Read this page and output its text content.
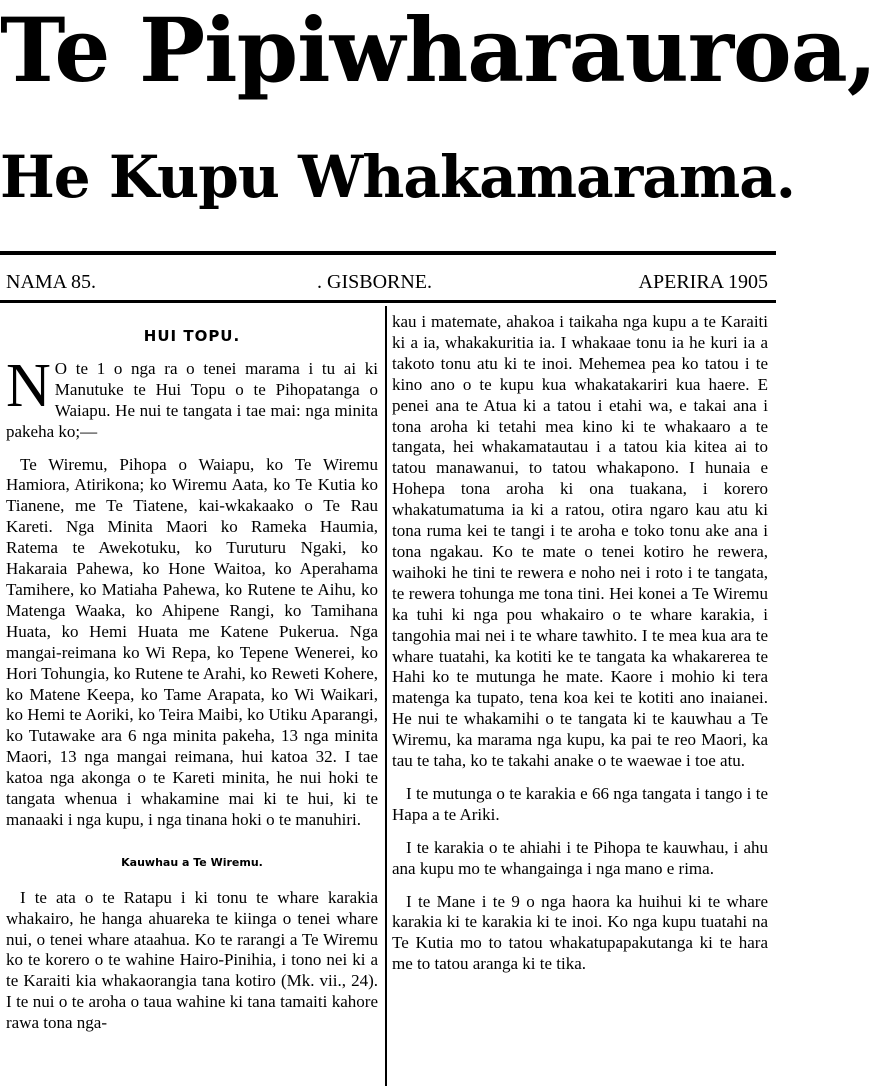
Te Pipiwharauroa,
He Kupu Whakamarama.
NAMA 85.	. GISBORNE.	APERIRA 1905

HUI TOPU.

N O te 1 o nga ra o tenei marama i tu ai ki Manutuke te Hui Topu o te Pihopatanga o Waiapu. He nui te tangata i tae mai: nga minita pakeha ko;—

Te Wiremu, Pihopa o Waiapu, ko Te Wiremu Hamiora, Atirikona; ko Wiremu Aata, ko Te Kutia ko Tianene, me Te Tiatene, kai-wkakaako o Te Rau Kareti. Nga Minita Maori ko Rameka Haumia, Ratema te Awekotuku, ko Turuturu Ngaki, ko Hakaraia Pahewa, ko Hone Waitoa, ko Aperahama Tamihere, ko Matiaha Pahewa, ko Rutene te Aihu, ko Matenga Waaka, ko Ahipene Rangi, ko Tamihana Huata, ko Hemi Huata me Katene Pukerua. Nga mangai-reimana ko Wi Repa, ko Tepene Wenerei, ko Hori Tohungia, ko Rutene te Arahi, ko Reweti Kohere, ko Matene Keepa, ko Tame Arapata, ko Wi Waikari, ko Hemi te Aoriki, ko Teira Maibi, ko Utiku Aparangi, ko Tutawake ara 6 nga minita pakeha, 13 nga minita Maori, 13 nga mangai reimana, hui katoa 32. I tae katoa nga akonga o te Kareti minita, he nui hoki te tangata whenua i whakamine mai ki te hui, ki te manaaki i nga kupu, i nga tinana hoki o te manuhiri.

Kauwhau a Te Wiremu.

I te ata o te Ratapu i ki tonu te whare karakia whakairo, he hanga ahuareka te kiinga o tenei whare nui, o tenei whare ataahua. Ko te rarangi a Te Wiremu ko te korero o te wahine Hairo-Pinihia, i tono nei ki a te Karaiti kia whakaorangia tana kotiro (Mk. vii., 24). I te nui o te aroha o taua wahine ki tana tamaiti kahore rawa tona nga-

kau i matemate, ahakoa i taikaha nga kupu a te Karaiti ki a ia, whakakuritia ia. I whakaae tonu ia he kuri ia a takoto tonu atu ki te inoi. Mehemea pea ko tatou i te kino ano o te kupu kua whakatakariri kua haere. E penei ana te Atua ki a tatou i etahi wa, e takai ana i tona aroha ki tetahi mea kino ki te whakaaro a te tangata, hei whakamatautau i a tatou kia kitea ai to tatou manawanui, to tatou whakapono. I hunaia e Hohepa tona aroha ki ona tuakana, i korero whakatumatuma ia ki a ratou, otira ngaro kau atu ki tona ruma kei te tangi i te aroha e toko tonu ake ana i tona ngakau. Ko te mate o tenei kotiro he rewera, waihoki he tini te rewera e noho nei i roto i te tangata, te rewera tohunga me tona tini. Hei konei a Te Wiremu ka tuhi ki nga pou whakairo o te whare karakia, i tangohia mai nei i te whare tawhito. I te mea kua ara te whare tuatahi, ka kotiti ke te tangata ka whakarerea te Hahi ko te mutunga he mate. Kaore i mohio ki tera matenga ka tupato, tena koa kei te kotiti ano inaianei. He nui te whakamihi o te tangata ki te kauwhau a Te Wiremu, ka marama nga kupu, ka pai te reo Maori, ka tau te taha, ko te takahi anake o te waewae i toe atu.

I te mutunga o te karakia e 66 nga tangata i tango i te Hapa a te Ariki.

I te karakia o te ahiahi i te Pihopa te kauwhau, i ahu ana kupu mo te whangainga i nga mano e rima.

I te Mane i te 9 o nga haora ka huihui ki te whare karakia ki te karakia ki te inoi. Ko nga kupu tuatahi na Te Kutia mo to tatou whakatupapakutanga ki te hara me to tatou aranga ki te tika.
